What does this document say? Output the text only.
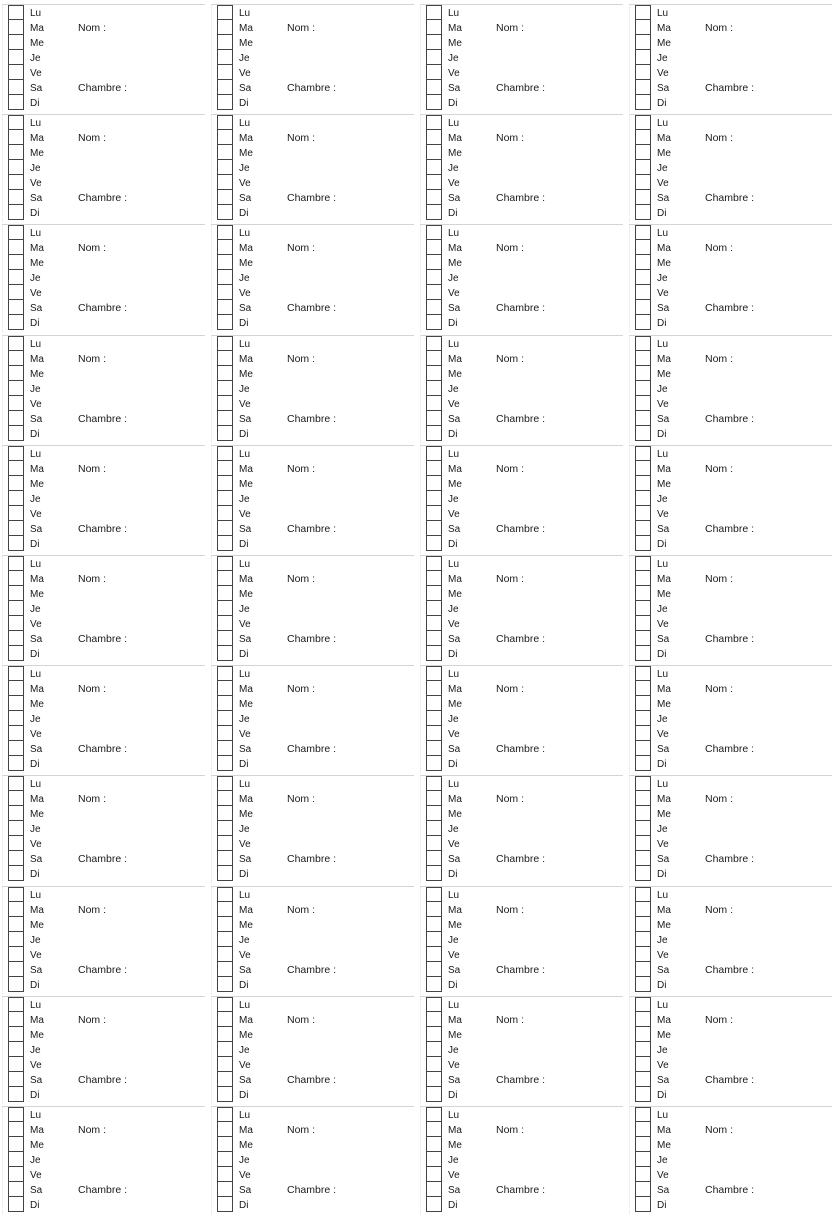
Lu
Ma
Me
Je
Ve
Sa
Di
Nom :
Chambre :
Lu
Ma
Me
Je
Ve
Sa
Di
Nom :
Chambre :
Lu
Ma
Me
Je
Ve
Sa
Di
Nom :
Chambre :
Lu
Ma
Me
Je
Ve
Sa
Di
Nom :
Chambre :
Lu
Ma
Me
Je
Ve
Sa
Di
Nom :
Chambre :
Lu
Ma
Me
Je
Ve
Sa
Di
Nom :
Chambre :
Lu
Ma
Me
Je
Ve
Sa
Di
Nom :
Chambre :
Lu
Ma
Me
Je
Ve
Sa
Di
Nom :
Chambre :
Lu
Ma
Me
Je
Ve
Sa
Di
Nom :
Chambre :
Lu
Ma
Me
Je
Ve
Sa
Di
Nom :
Chambre :
Lu
Ma
Me
Je
Ve
Sa
Di
Nom :
Chambre :
Lu
Ma
Me
Je
Ve
Sa
Di
Nom :
Chambre :
Lu
Ma
Me
Je
Ve
Sa
Di
Nom :
Chambre :
Lu
Ma
Me
Je
Ve
Sa
Di
Nom :
Chambre :
Lu
Ma
Me
Je
Ve
Sa
Di
Nom :
Chambre :
Lu
Ma
Me
Je
Ve
Sa
Di
Nom :
Chambre :
Lu
Ma
Me
Je
Ve
Sa
Di
Nom :
Chambre :
Lu
Ma
Me
Je
Ve
Sa
Di
Nom :
Chambre :
Lu
Ma
Me
Je
Ve
Sa
Di
Nom :
Chambre :
Lu
Ma
Me
Je
Ve
Sa
Di
Nom :
Chambre :
Lu
Ma
Me
Je
Ve
Sa
Di
Nom :
Chambre :
Lu
Ma
Me
Je
Ve
Sa
Di
Nom :
Chambre :
Lu
Ma
Me
Je
Ve
Sa
Di
Nom :
Chambre :
Lu
Ma
Me
Je
Ve
Sa
Di
Nom :
Chambre :
Lu
Ma
Me
Je
Ve
Sa
Di
Nom :
Chambre :
Lu
Ma
Me
Je
Ve
Sa
Di
Nom :
Chambre :
Lu
Ma
Me
Je
Ve
Sa
Di
Nom :
Chambre :
Lu
Ma
Me
Je
Ve
Sa
Di
Nom :
Chambre :
Lu
Ma
Me
Je
Ve
Sa
Di
Nom :
Chambre :
Lu
Ma
Me
Je
Ve
Sa
Di
Nom :
Chambre :
Lu
Ma
Me
Je
Ve
Sa
Di
Nom :
Chambre :
Lu
Ma
Me
Je
Ve
Sa
Di
Nom :
Chambre :
Lu
Ma
Me
Je
Ve
Sa
Di
Nom :
Chambre :
Lu
Ma
Me
Je
Ve
Sa
Di
Nom :
Chambre :
Lu
Ma
Me
Je
Ve
Sa
Di
Nom :
Chambre :
Lu
Ma
Me
Je
Ve
Sa
Di
Nom :
Chambre :
Lu
Ma
Me
Je
Ve
Sa
Di
Nom :
Chambre :
Lu
Ma
Me
Je
Ve
Sa
Di
Nom :
Chambre :
Lu
Ma
Me
Je
Ve
Sa
Di
Nom :
Chambre :
Lu
Ma
Me
Je
Ve
Sa
Di
Nom :
Chambre :
Lu
Ma
Me
Je
Ve
Sa
Di
Nom :
Chambre :
Lu
Ma
Me
Je
Ve
Sa
Di
Nom :
Chambre :
Lu
Ma
Me
Je
Ve
Sa
Di
Nom :
Chambre :
Lu
Ma
Me
Je
Ve
Sa
Di
Nom :
Chambre :
